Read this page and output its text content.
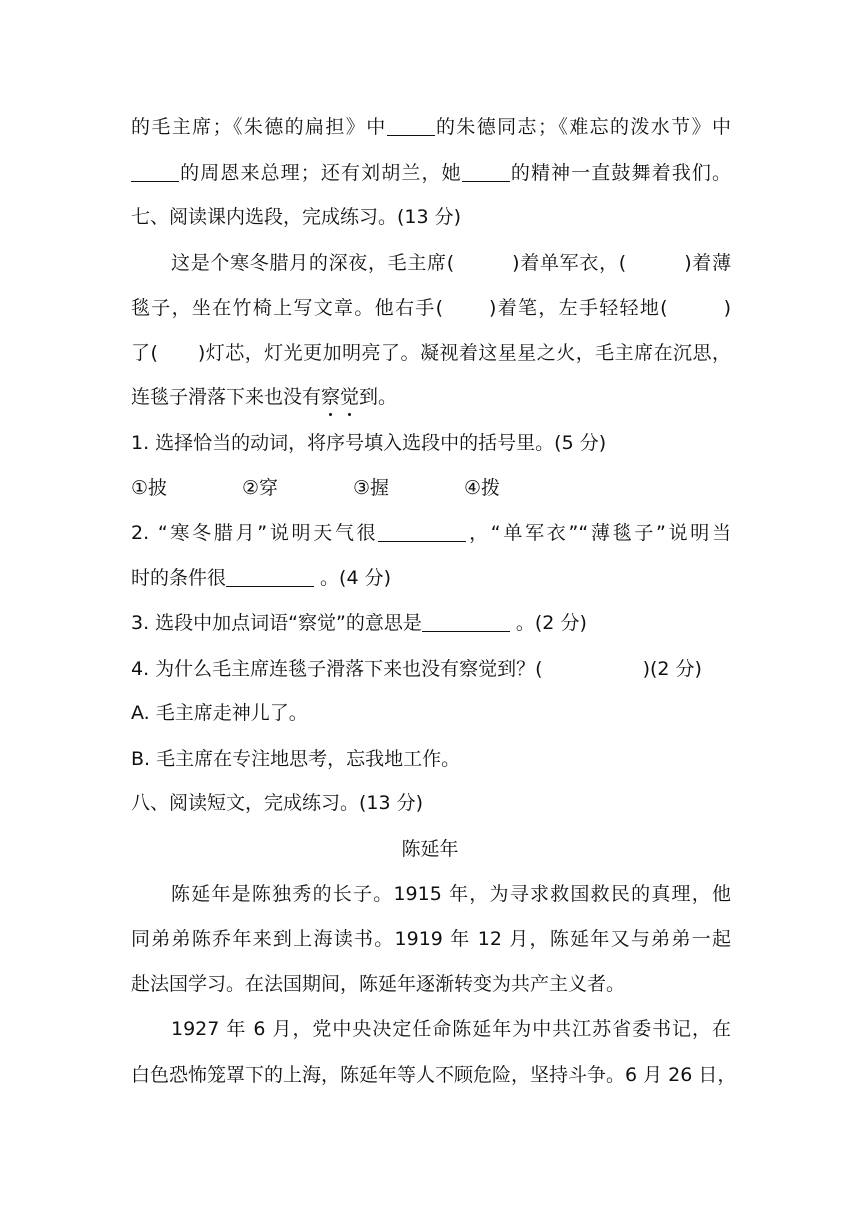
的毛主席；《朱德的扁担》中	的朱德同志；《难忘的泼水节》中
的周恩来总理；还有刘胡兰，她	的精神一直鼓舞着我们。
七、阅读课内选段，完成练习。(13 分)
这是个寒冬腊月的深夜，毛主席(	)着单军衣，(	)着薄
毯子，坐在竹椅上写文章。他右手( )着笔，左手轻轻地(	)
了( )灯芯，灯光更加明亮了。凝视着这星星之火，毛主席在沉思，
连毯子滑落下来也没有察觉到。
1. 选择恰当的动词，将序号填入选段中的括号里。(5 分)
①披	②穿	③握	④拨
2. “寒冬腊月”说明天气很	，“单军衣”“薄毯子”说明当
时的条件很	。(4 分)
3. 选段中加点词语“察觉”的意思是	。(2 分)
4. 为什么毛主席连毯子滑落下来也没有察觉到？(	)(2 分)
A. 毛主席走神儿了。
B. 毛主席在专注地思考，忘我地工作。
八、阅读短文，完成练习。(13 分)
陈延年
陈延年是陈独秀的长子。1915 年，为寻求救国救民的真理，他
同弟弟陈乔年来到上海读书。1919 年 12 月，陈延年又与弟弟一起
赴法国学习。在法国期间，陈延年逐渐转变为共产主义者。
1927 年 6 月，党中央决定任命陈延年为中共江苏省委书记，在
白色恐怖笼罩下的上海，陈延年等人不顾危险，坚持斗争。6 月 26 日，
